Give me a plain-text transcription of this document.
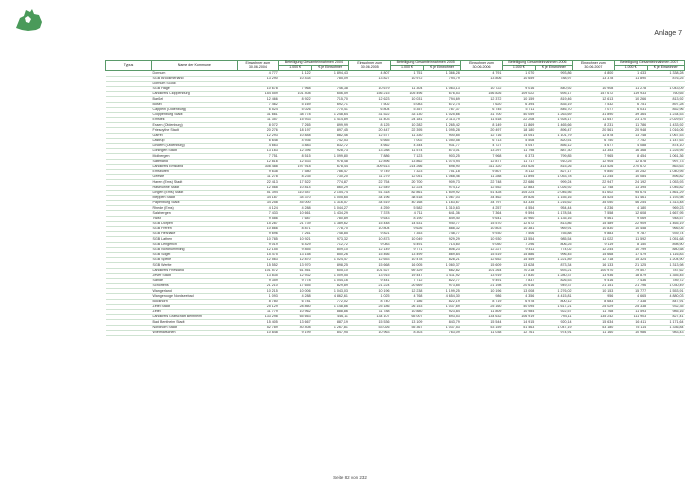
Anlage 7
Typus	Name der Kommune	Einwohner zum 30.06.2004	Beteiligung Gesamteinnahmen 2004		Einwohner zum 30.06.2005	Beteiligung Gesamteinnahmen 2005		Einwohner zum 30.06.2006	Beteiligung Gesamteinnahmen 2006		Einwohner zum 30.06.2007	Beteiligung Gesamteinnahmen 2007	
			1.000 €	€ je Einwohner		1.000 €	€ je Einwohner		1.000 €	€ je Einwohner		1.000 €	€ je Einwohner
	Dornum	4 777	1 122	1 894,43	4 807	1 751	1 366,28	4 791	1 070	993,86	4 800	1 433	1 338,28
	SGB Brookmerland	13 290	10 434	785,09	13 827	10 972	794,79	13 806	10 659	788,97	13 378	11 890	876,25
	Dornum SGBE												
	SGB Hage	10 678	7 968	746,38	10 679	11 304	1 063,13	10 722	9 016	840,92	10 908	11 278	1 043,09
	Landkreis Cloppenburg	154 559	101 408	656,59	156 215	105 496	676,53	156 826	109 022	695,17	157 672	119 933	760,65
	Barßel	12 466	8 922	715,70	12 623	10 031	794,69	12 372	10 159	819,46	12 613	10 266	813,92
	Bösel	7 462	5 169	692,71	7 502	5 083	672,74	7 620	6 394	835,19	7 532	6 751	897,28
	Cappeln (Oldenburg)	6 524	5 026	770,41	6 804	5 357	787,37	6 745	5 711	846,70	7 077	6 031	852,96
	Cloppenburg Stadt	31 661	38 778	1 248,64	31 522	33 130	1 025,66	31 700	40 059	1 263,69	31 890	39 364	1 234,53
	Emstek	11 357	15 933	1 414,89	11 403	24 181	2 113,79	11 518	22 208	1 928,17	11 647	23 170	2 029,67
	Essen (Oldenburg)	8 072	7 265	899,99	8 125	10 282	1 265,42	8 149	11 869	1 465,66	8 231	11 786	1 433,92
	Friesoythe Stadt	20 276	18 197	897,45	20 447	22 395	1 095,28	20 497	18 180	896,47	20 561	20 948	1 016,06
	Garrel	12 293	10 848	882,46	12 577	11 330	900,85	12 716	14 051	1 101,79	12 878	13 748	1 067,53
	Lastrup	6 648	4 936	742,53	6 665	7 002	1 050,58	6 713	5 508	820,51	6 750	7 752	1 147,63
	Lindern (Oldenburg)	4 663	3 883	832,72	4 662	4 344	931,77	4 727	4 047	856,12	4 677	4 088	874,10
	Löningen Stadt	13 163	12 396	928,73	13 288	11 574	873,01	13 297	11 798	887,30	13 353	16 368	1 225,95
	Molbergen	7 751	8 515	1 099,80	7 886	7 123	903,25	7 968	6 373	799,85	7 965	8 454	1 061,36
	Saterland	12 816	12 533	978,48	12 896	13 862	1 074,94	12 877	11 717	910,25	12 905	12 878	997,73
	Landkreis Emsland	308 488	197 918	678,44	309 613	214 266	698,90	311 320	253 626	815,26	313 526	270 672	863,63
	Emsbüren	9 638	7 580	786,47	9 749	7 323	751,18	9 807	8 112	827,17	9 850	10 252	1 040,95
	Geeste	11 278	8 235	730,20	11 279	12 051	1 068,46	11 288	11 895	1 053,78	11 245	10 084	896,82
	Haren (Ems) Stadt	22 413	17 522	774,87	22 754	20 700	909,73	22 748	22 686	999,24	22 947	24 192	1 053,93
	Haselünne Stadt	12 568	10 814	860,29	12 549	12 224	974,12	12 552	12 883	1 026,92	12 748	13 395	1 046,82
	Lingen (Ems) Stadt	51 394	110 547	2 154,74	51 318	82 861	1 609,92	51 428	105 224	2 046,56	51 602	95 674	1 861,29
	Meppen Stadt	34 187	34 370	1 005,65	34 196	38 518	1 067,03	34 462	39 826	1 155,16	34 525	41 461	1 193,98
	Papenburg Stadt	34 258	45 000	1 316,57	34 519	40 168	1 163,67	34 797	43 335	1 216,62	35 050	46 254	1 313,48
	Rhede (Ems)	4 124	4 288	1 044,27	4 259	5 582	1 310,63	4 257	4 554	954,44	4 236	4 180	969,23
	Salzbergen	7 433	10 661	1 434,29	7 378	4 711	641,36	7 364	9 594	1 178,54	7 558	12 608	1 667,95
	Twist	9 586	7 687	780,89	9 643	8 190	849,40	9 641	10 960	1 135,16	9 561	9 069	948,57
	SGB Dörpen	15 287	21 739	1 389,62	15 448	14 531	940,77	15 570	12 672	813,86	15 489	22 909	1 465,19
	SGB Freren	10 866	8 871	778,70	10 804	9 626	888,32	10 803	10 381	969,91	10 830	10 458	966,05
	SGB Herzlake	9 696	7 261	748,85	9 821	7 353	748,77	9 930	7 506	755,88	9 883	9 787	939,74
	SGB Lathen	10 785	10 921	973,32	10 873	10 049	929,29	10 930	13 554	985,54	11 022	11 592	1 051,68
	SGB Lengerich	9 019	6 429	712,72	9 083	6 491	714,60	9 050	7 296	806,25	9 119	8 150	898,90
	SGB Nordhümmling	12 155	9 855	809,10	12 149	9 771	806,23	12 227	9 411	774,02	12 244	10 799	880,58
	SGB Sögel	15 475	13 158	850,26	15 466	13 499	869,84	15 519	15 886	996,45	15 668	17 479	1 116,83
	SGB Spelle	12 563	12 870	1 024,47	12 653	10 478	828,21	12 652	15 459	1 221,89	12 718	15 324	1 204,90
	SGB Werlte	15 552	13 970	898,25	15 668	16 005	1 060,37	15 609	13 628	873,34	16 133	21 125	1 313,98
	Landkreis Friesland	101 572	61 461	605,10	101 527	69 329	682,82	101 264	70 218	693,21	100 970	79 507	787,62
	Jever Stadt	13 835	12 932	1 009,55	13 915	19 447	1 411,92	13 919	17 830	1 280,37	13 936	18 879	1 355,45
	Sande	9 359	9 778	1 044,16	9 441	7 712	822,77	9 491	7 837	826,53	9 416	7 436	789,72
	Schortens	21 210	17 655	829,89	21 224	20 669	973,85	21 198	20 616	949,37	21 151	21 796	1 030,49
	Wangerland	10 215	10 006	1 043,03	10 196	12 238	1 199,25	10 196	13 008	1 276,02	10 153	15 777	1 553,91
	Wangerooge Nordseebad	1 093	4 288	4 862,61	1 025	4 768	4 654,30	986	4 356	4 415,81	956	4 665	4 880,03
	Bockhorn	8 780	6 781	772,02	8 740	7 186	822,19	8 719	6 978	800,12	8 683	7 338	847,91
	Zetel Stadt	25 129	28 860	1 148,86	25 186	26 153	1 037,69	25 160	40 095	1 617,21	25 029	25 338	932,35
	Zetel	11 779	10 962	888,86	11 788	10 880	923,84	11 809	10 984	922,57	11 768	11 593	985,16
	Landkreis Grafschaft Bentheim	133 298	65 663	446,11	134 107	65 007	693,53	134 632	106 919	794,11	135 242	111 903	827,41
	Bad Bentheim Stadt	15 405	13 667	887,19	15 536	13 109	843,79	15 544	14 915	920,14	15 634	16 411	1 171,64
	Nordhorn Stadt	52 789	40 408	1 267,81	53 026	55 367	1 037,53	53 159	51 463	1 047,19	53 180	75 114	1 336,84
	Wietmarschen	10 848	9 199	847,95	10 963	8 303	763,09	11 038	12 761	974,91	11 160	10 986	983,43
Seite 82 von 232
